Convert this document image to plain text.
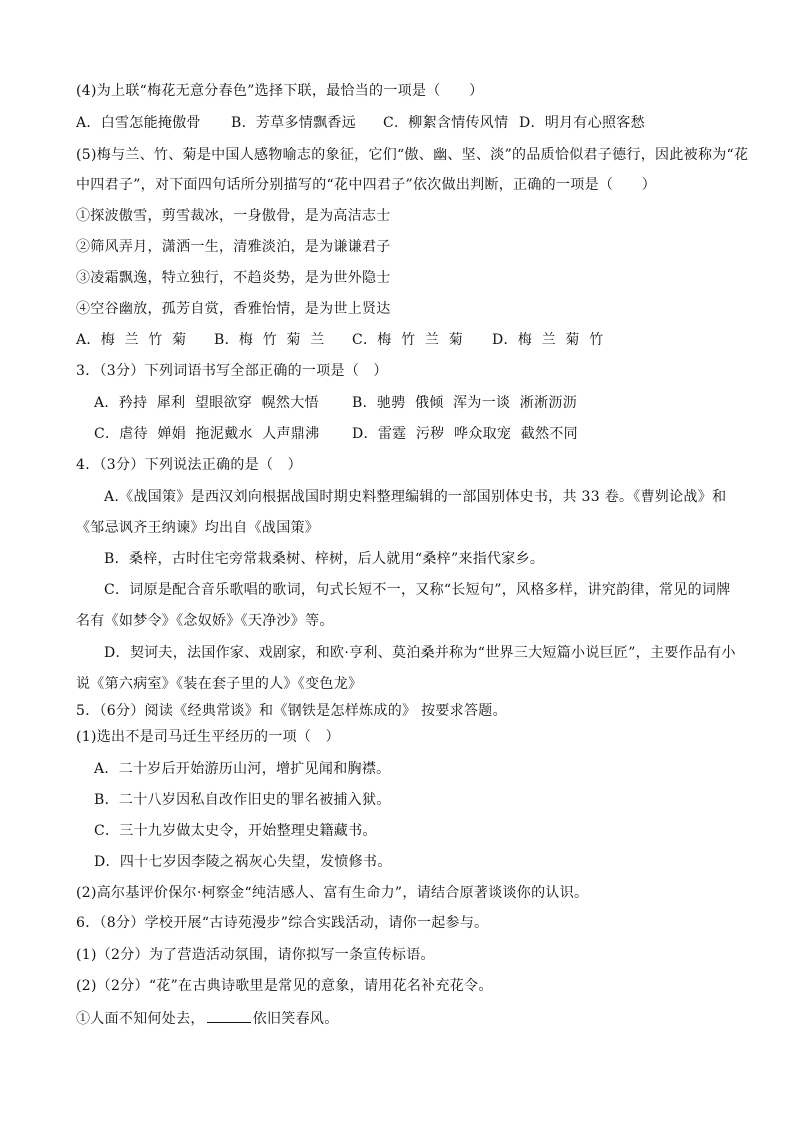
(4)为上联“梅花无意分春色”选择下联，最恰当的一项是（　　）
A．白雪怎能掩傲骨	B．芳草多情飘香远	C．柳絮含情传风情 D．明月有心照客愁
(5)梅与兰、竹、菊是中国人感物喻志的象征，它们“傲、幽、坚、淡”的品质恰似君子德行，因此被称为“花
中四君子”，对下面四句话所分别描写的“花中四君子”依次做出判断，正确的一项是（　　）
①探波傲雪，剪雪裁冰，一身傲骨，是为高洁志士
②筛风弄月，潇洒一生，清雅淡泊，是为谦谦君子
③凌霜飘逸，特立独行，不趋炎势，是为世外隐士
④空谷幽放，孤芳自赏，香雅怡情，是为世上贤达
A．梅  兰  竹  菊	B．梅  竹  菊  兰	C．梅  竹  兰  菊	D．梅  兰  菊  竹
3．（3分）下列词语书写全部正确的一项是（　）
A．矜持  犀利  望眼欲穿  幌然大悟	B．驰骋  俄倾  浑为一谈  淅淅沥沥
C．虐待  婵娟  拖泥戴水  人声鼎沸	D．雷霆  污秽  哗众取宠  截然不同
4．（3分）下列说法正确的是（　）
A.《战国策》是西汉刘向根据战国时期史料整理编辑的一部国别体史书，共 33 卷。《曹刿论战》和
《邹忌讽齐王纳谏》均出自《战国策》
B．桑梓，古时住宅旁常栽桑树、梓树，后人就用“桑梓”来指代家乡。
C．词原是配合音乐歌唱的歌词，句式长短不一，又称“长短句”，风格多样，讲究韵律，常见的词牌
名有《如梦令》《念奴娇》《天净沙》等。
D．契诃夫，法国作家、戏剧家，和欧·亨利、莫泊桑并称为“世界三大短篇小说巨匠”，主要作品有小
说《第六病室》《装在套子里的人》《变色龙》
5．（6分）阅读《经典常谈》和《钢铁是怎样炼成的》 按要求答题。
(1)选出不是司马迁生平经历的一项（　）
A．二十岁后开始游历山河，增扩见闻和胸襟。
B．二十八岁因私自改作旧史的罪名被捕入狱。
C．三十九岁做太史令，开始整理史籍藏书。
D．四十七岁因李陵之祸灰心失望，发愤修书。
(2)高尔基评价保尔·柯察金“纯洁感人、富有生命力”，请结合原著谈谈你的认识。
6．（8分）学校开展“古诗苑漫步”综合实践活动，请你一起参与。
(1)（2分）为了营造活动氛围，请你拟写一条宣传标语。
(2)（2分）“花”在古典诗歌里是常见的意象，请用花名补充花令。
①人面不知何处去，	依旧笑春风。
